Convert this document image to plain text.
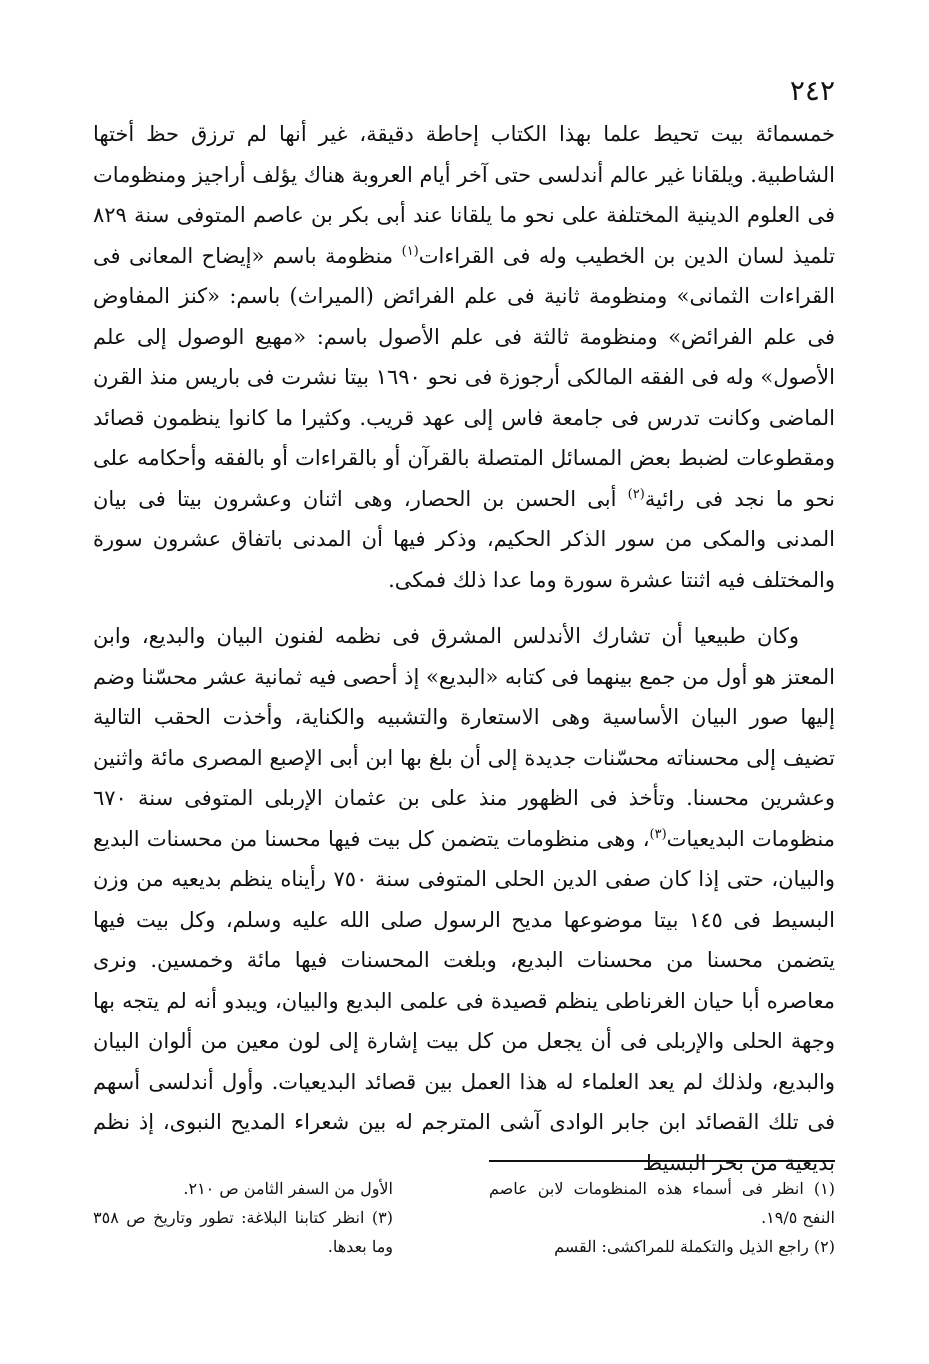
٢٤٢

خمسمائة بيت تحيط علما بهذا الكتاب إحاطة دقيقة، غير أنها لم ترزق حظ أختها الشاطبية. ويلقانا غير عالم أندلسى حتى آخر أيام العروبة هناك يؤلف أراجيز ومنظومات فى العلوم الدينية المختلفة على نحو ما يلقانا عند أبى بكر بن عاصم المتوفى سنة ٨٢٩ تلميذ لسان الدين بن الخطيب وله فى القراءات$^{(١)}$ منظومة باسم «إيضاح المعانى فى القراءات الثمانى» ومنظومة ثانية فى علم الفرائض (الميراث) باسم: «كنز المفاوض فى علم الفرائض» ومنظومة ثالثة فى علم الأصول باسم: «مهيع الوصول إلى علم الأصول» وله فى الفقه المالكى أرجوزة فى نحو ١٦٩٠ بيتا نشرت فى باريس منذ القرن الماضى وكانت تدرس فى جامعة فاس إلى عهد قريب. وكثيرا ما كانوا ينظمون قصائد ومقطوعات لضبط بعض المسائل المتصلة بالقرآن أو بالقراءات أو بالفقه وأحكامه على نحو ما نجد فى رائية$^{(٢)}$ أبى الحسن بن الحصار، وهى اثنان وعشرون بيتا فى بيان المدنى والمكى من سور الذكر الحكيم، وذكر فيها أن المدنى باتفاق عشرون سورة والمختلف فيه اثنتا عشرة سورة وما عدا ذلك فمكى.

وكان طبيعيا أن تشارك الأندلس المشرق فى نظمه لفنون البيان والبديع، وابن المعتز هو أول من جمع بينهما فى كتابه «البديع» إذ أحصى فيه ثمانية عشر محسّنا وضم إليها صور البيان الأساسية وهى الاستعارة والتشبيه والكناية، وأخذت الحقب التالية تضيف إلى محسناته محسّنات جديدة إلى أن بلغ بها ابن أبى الإصبع المصرى مائة واثنين وعشرين محسنا. وتأخذ فى الظهور منذ على بن عثمان الإربلى المتوفى سنة ٦٧٠ منظومات البديعيات$^{(٣)}$، وهى منظومات يتضمن كل بيت فيها محسنا من محسنات البديع والبيان، حتى إذا كان صفى الدين الحلى المتوفى سنة ٧٥٠ رأيناه ينظم بديعيه من وزن البسيط فى ١٤٥ بيتا موضوعها مديح الرسول صلى الله عليه وسلم، وكل بيت فيها يتضمن محسنا من محسنات البديع، وبلغت المحسنات فيها مائة وخمسين. ونرى معاصره أبا حيان الغرناطى ينظم قصيدة فى علمى البديع والبيان، ويبدو أنه لم يتجه بها وجهة الحلى والإربلى فى أن يجعل من كل بيت إشارة إلى لون معين من ألوان البيان والبديع، ولذلك لم يعد العلماء له هذا العمل بين قصائد البديعيات. وأول أندلسى أسهم فى تلك القصائد ابن جابر الوادى آشى المترجم له بين شعراء المديح النبوى، إذ نظم بديعية من بحر البسيط

(١) انظر فى أسماء هذه المنظومات لابن عاصم النفح ١٩/٥.

(٢) راجع الذيل والتكملة للمراكشى: القسم

الأول من السفر الثامن ص ٢١٠.

(٣) انظر كتابنا البلاغة: تطور وتاريخ ص ٣٥٨ وما بعدها.
